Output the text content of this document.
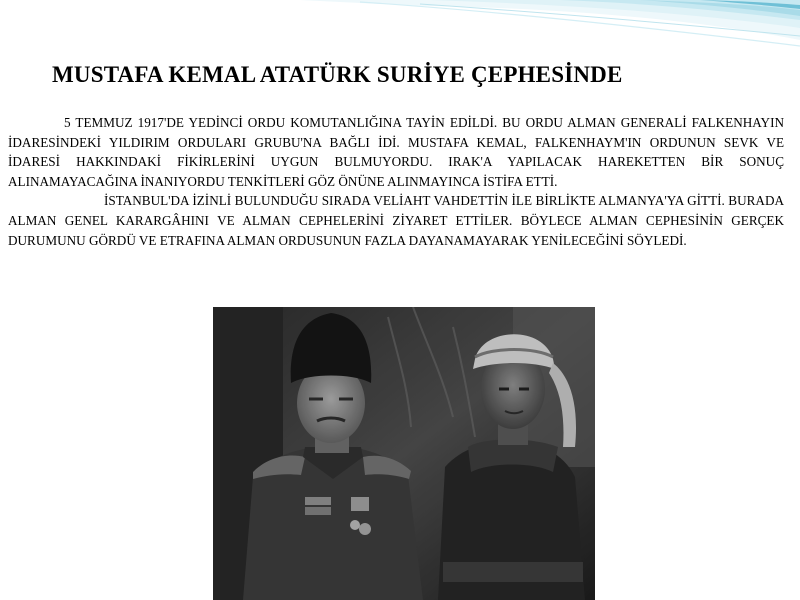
MUSTAFA KEMAL ATATÜRK SURİYE ÇEPHESİNDE

5 TEMMUZ 1917'DE YEDİNCİ ORDU KOMUTANLIĞINA TAYİN EDİLDİ. BU ORDU ALMAN GENERALİ FALKENHAYIN İDARESİNDEKİ YILDIRIM ORDULARI GRUBU'NA BAĞLI İDİ. MUSTAFA KEMAL, FALKENHAYM'IN ORDUNUN SEVK VE İDARESİ HAKKINDAKİ FİKİRLERİNİ UYGUN BULMUYORDU. IRAK'A YAPILACAK HAREKETTEN BİR SONUÇ ALINAMAYACAĞINA İNANIYORDU TENKİTLERİ GÖZ ÖNÜNE ALINMAYINCA İSTİFA ETTİ.

İSTANBUL'DA İZİNLİ BULUNDUĞU SIRADA VELİAHT VAHDETTİN İLE BİRLİKTE ALMANYA'YA GİTTİ. BURADA ALMAN GENEL KARARGÂHINI VE ALMAN CEPHELERİNİ ZİYARET ETTİLER. BÖYLECE ALMAN CEPHESİNİN GERÇEK DURUMUNU GÖRDÜ VE ETRAFINA ALMAN ORDUSUNUN FAZLA DAYANAMAYARAK YENİLECEĞİNİ SÖYLEDİ.
